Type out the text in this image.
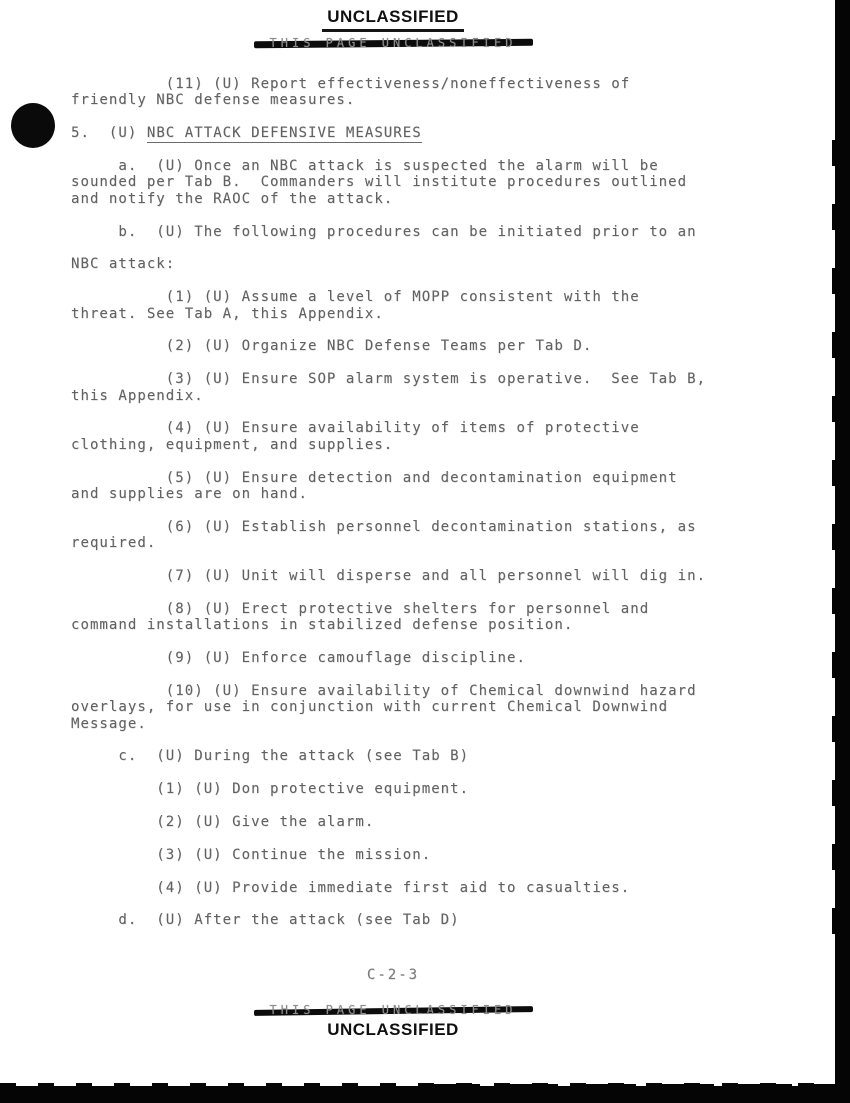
UNCLASSIFIED

THIS PAGE UNCLASSIFIED
(11) (U) Report effectiveness/noneffectiveness of
friendly NBC defense measures.
5.  (U) NBC ATTACK DEFENSIVE MEASURES
a.  (U) Once an NBC attack is suspected the alarm will be
sounded per Tab B.  Commanders will institute procedures outlined
and notify the RAOC of the attack.
b.  (U) The following procedures can be initiated prior to an
NBC attack:
(1) (U) Assume a level of MOPP consistent with the
threat. See Tab A, this Appendix.
(2) (U) Organize NBC Defense Teams per Tab D.
(3) (U) Ensure SOP alarm system is operative.  See Tab B,
this Appendix.
(4) (U) Ensure availability of items of protective
clothing, equipment, and supplies.
(5) (U) Ensure detection and decontamination equipment
and supplies are on hand.
(6) (U) Establish personnel decontamination stations, as
required.
(7) (U) Unit will disperse and all personnel will dig in.
(8) (U) Erect protective shelters for personnel and
command installations in stabilized defense position.
(9) (U) Enforce camouflage discipline.
(10) (U) Ensure availability of Chemical downwind hazard
overlays, for use in conjunction with current Chemical Downwind
Message.
c.  (U) During the attack (see Tab B)
(1) (U) Don protective equipment.
(2) (U) Give the alarm.
(3) (U) Continue the mission.
(4) (U) Provide immediate first aid to casualties.
d.  (U) After the attack (see Tab D)
C-2-3
THIS PAGE UNCLASSIFIED
UNCLASSIFIED
